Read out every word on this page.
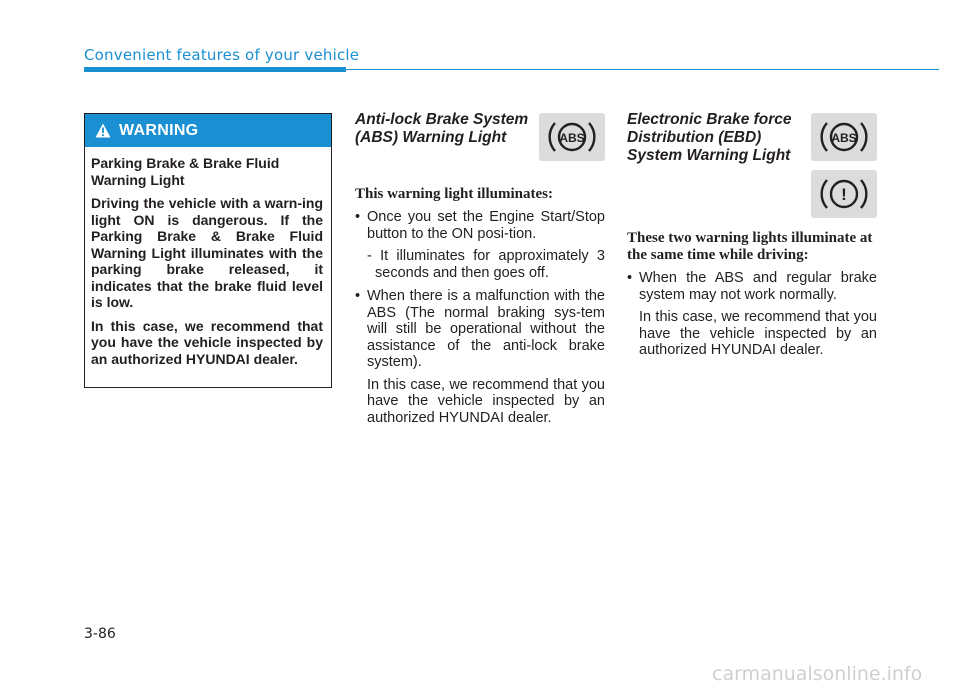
Convenient features of your vehicle
WARNING

Parking Brake & Brake Fluid Warning Light

Driving the vehicle with a warn-ing light ON is dangerous. If the Parking Brake & Brake Fluid Warning Light illuminates with the parking brake released, it indicates that the brake fluid level is low.

In this case, we recommend that you have the vehicle inspected by an authorized HYUNDAI dealer.

Anti-lock Brake System (ABS) Warning Light	ABS

This warning light illuminates:

• Once you set the Engine Start/Stop button to the ON posi-tion.

- It illuminates for approximately 3 seconds and then goes off.

• When there is a malfunction with the ABS (The normal braking sys-tem will still be operational without the assistance of the anti-lock brake system).

In this case, we recommend that you have the vehicle inspected by an authorized HYUNDAI dealer.

Electronic Brake force Distribution (EBD) System Warning Light
ABS
!

These two warning lights illuminate at the same time while driving:

• When the ABS and regular brake system may not work normally.

In this case, we recommend that you have the vehicle inspected by an authorized HYUNDAI dealer.

3-86
carmanualsonline.info
